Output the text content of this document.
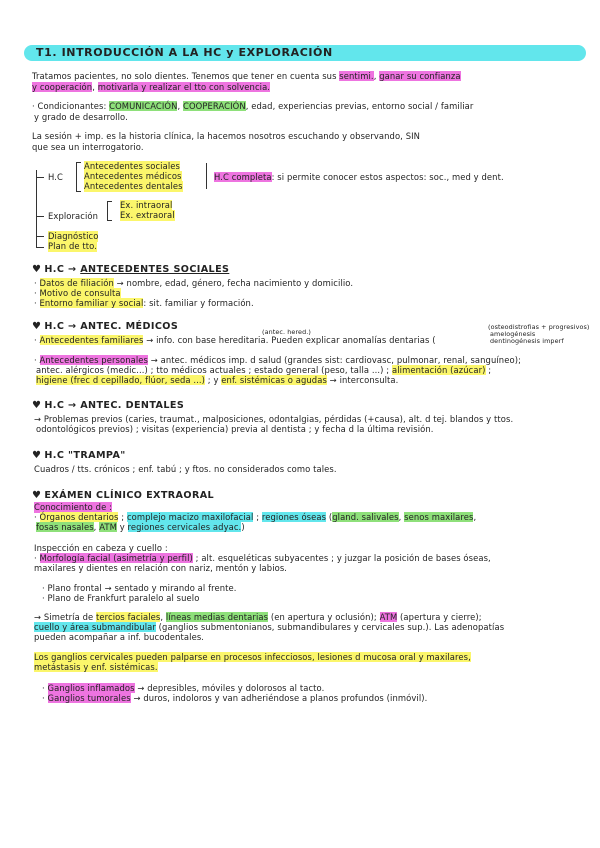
T1. INTRODUCCIÓN A LA HC y EXPLORACIÓN
Tratamos pacientes, no solo dientes. Tenemos que tener en cuenta sus sentimi., ganar su confianza
y cooperación, motivarla y realizar el tto con solvencia.
· Condicionantes: COMUNICACIÓN, COOPERACIÓN, edad, experiencias previas, entorno social / familiar
y grado de desarrollo.
La sesión + imp. es la historia clínica, la hacemos nosotros escuchando y observando, SIN
que sea un interrogatorio.
H.C
Antecedentes sociales
Antecedentes médicos
Antecedentes dentales
H.C completa: si permite conocer estos aspectos: soc., med y dent.
Exploración
Ex. intraoral
Ex. extraoral
Diagnóstico
Plan de tto.
♥ H.C → ANTECEDENTES SOCIALES
· Datos de filiación → nombre, edad, género, fecha nacimiento y domicilio.
· Motivo de consulta
· Entorno familiar y social: sit. familiar y formación.
♥ H.C → ANTEC. MÉDICOS	(antec. hered.)
(osteodistrofias + progresivos)
amelogénesis
dentinogénesis imperf
· Antecedentes familiares → info. con base hereditaria. Pueden explicar anomalías dentarias (
· Antecedentes personales → antec. médicos imp. d salud (grandes sist: cardiovasc, pulmonar, renal, sanguíneo);
antec. alérgicos (medic...) ; tto médicos actuales ; estado general (peso, talla ...) ; alimentación (azúcar) ;
higiene (frec d cepillado, flúor, seda ...) ; y enf. sistémicas o agudas → interconsulta.
♥ H.C → ANTEC. DENTALES
→ Problemas previos (caries, traumat., malposiciones, odontalgias, pérdidas (+causa), alt. d tej. blandos y ttos.
odontológicos previos) ; visitas (experiencia) previa al dentista ; y fecha d la última revisión.
♥ H.C "TRAMPA"
Cuadros / tts. crónicos ; enf. tabú ; y ftos. no considerados como tales.
♥ EXÁMEN CLÍNICO EXTRAORAL
Conocimiento de :
· Órganos dentarios ; complejo macizo maxilofacial ; regiones óseas (gland. salivales, senos maxilares,
fosas nasales, ATM y regiones cervicales adyac.)
Inspección en cabeza y cuello :
· Morfología facial (asimetría y perfil) ; alt. esqueléticas subyacentes ; y juzgar la posición de bases óseas,
maxilares y dientes en relación con nariz, mentón y labios.
· Plano frontal → sentado y mirando al frente.
· Plano de Frankfurt paralelo al suelo
→ Simetría de tercios faciales, líneas medias dentarias (en apertura y oclusión); ATM (apertura y cierre);
cuello y área submandibular (ganglios submentonianos, submandibulares y cervicales sup.). Las adenopatías
pueden acompañar a inf. bucodentales.
Los ganglios cervicales pueden palparse en procesos infecciosos, lesiones d mucosa oral y maxilares,
metástasis y enf. sistémicas.
· Ganglios inflamados → depresibles, móviles y dolorosos al tacto.
· Ganglios tumorales → duros, indoloros y van adheriéndose a planos profundos (inmóvil).
